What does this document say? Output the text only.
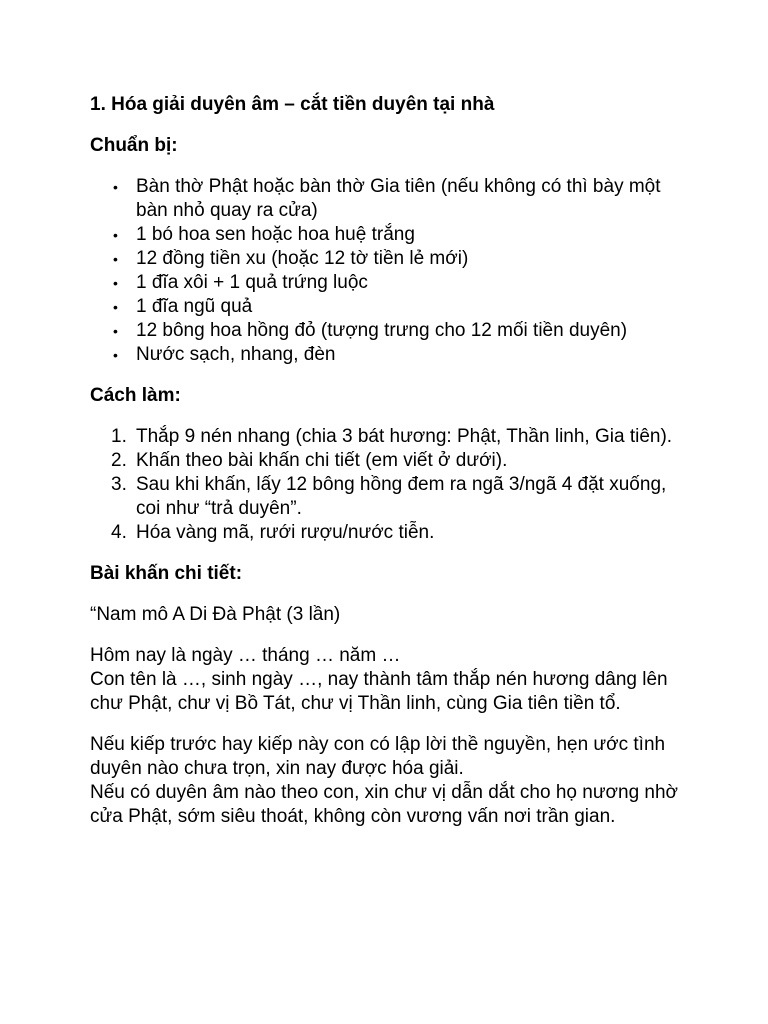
1. Hóa giải duyên âm – cắt tiền duyên tại nhà

Chuẩn bị:

• Bàn thờ Phật hoặc bàn thờ Gia tiên (nếu không có thì bày một bàn nhỏ quay ra cửa)
• 1 bó hoa sen hoặc hoa huệ trắng
• 12 đồng tiền xu (hoặc 12 tờ tiền lẻ mới)
• 1 đĩa xôi + 1 quả trứng luộc
• 1 đĩa ngũ quả
• 12 bông hoa hồng đỏ (tượng trưng cho 12 mối tiền duyên)
• Nước sạch, nhang, đèn

Cách làm:

1. Thắp 9 nén nhang (chia 3 bát hương: Phật, Thần linh, Gia tiên).
2. Khấn theo bài khấn chi tiết (em viết ở dưới).
3. Sau khi khấn, lấy 12 bông hồng đem ra ngã 3/ngã 4 đặt xuống, coi như “trả duyên”.
4. Hóa vàng mã, rưới rượu/nước tiễn.

Bài khấn chi tiết:

“Nam mô A Di Đà Phật (3 lần)

Hôm nay là ngày … tháng … năm …
Con tên là …, sinh ngày …, nay thành tâm thắp nén hương dâng lên chư Phật, chư vị Bồ Tát, chư vị Thần linh, cùng Gia tiên tiền tổ.

Nếu kiếp trước hay kiếp này con có lập lời thề nguyền, hẹn ước tình duyên nào chưa trọn, xin nay được hóa giải.
Nếu có duyên âm nào theo con, xin chư vị dẫn dắt cho họ nương nhờ cửa Phật, sớm siêu thoát, không còn vương vấn nơi trần gian.
